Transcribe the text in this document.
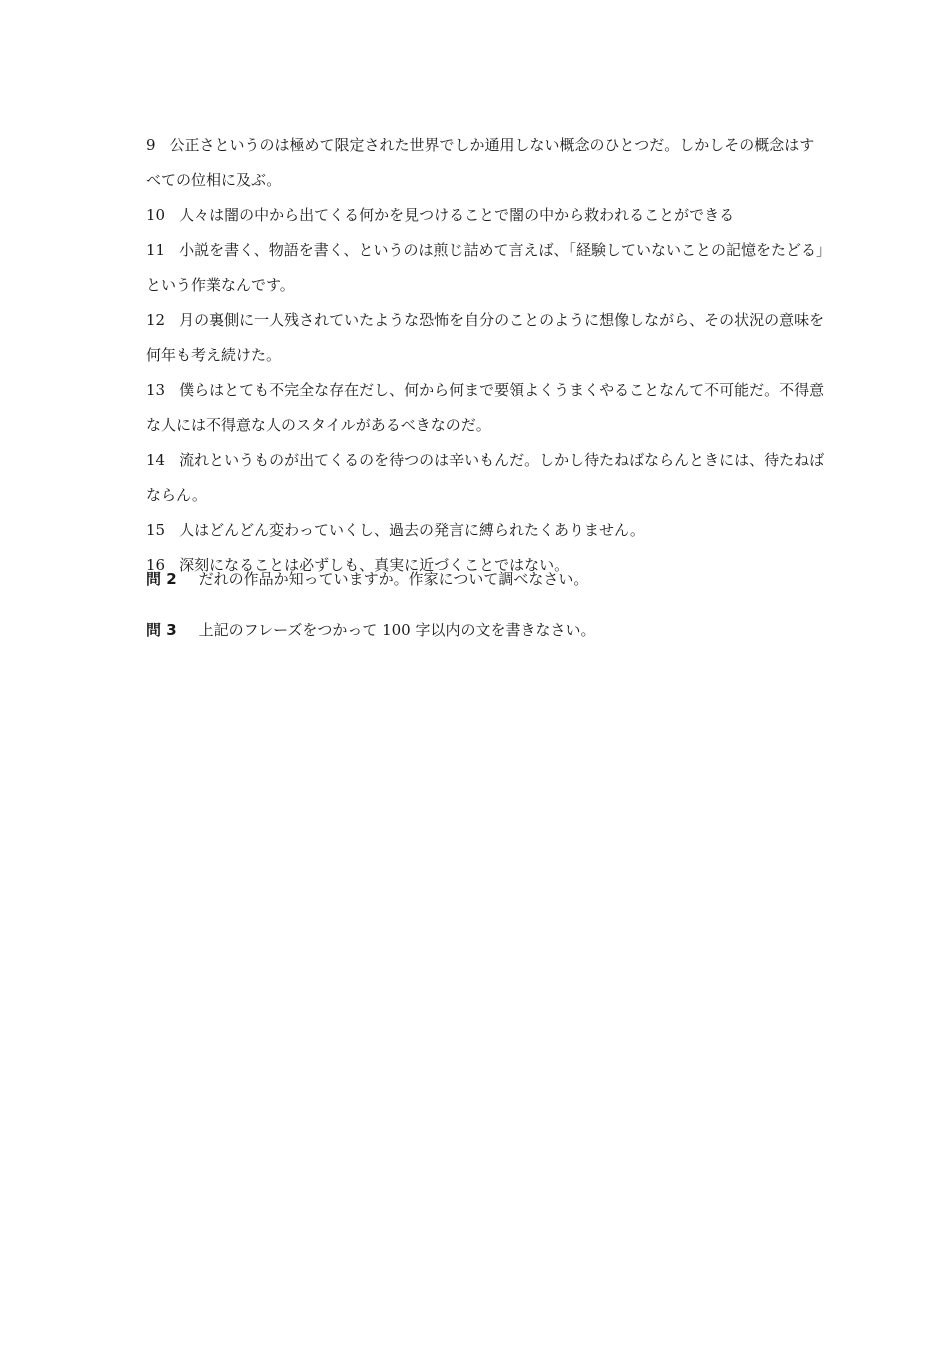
9 公正さというのは極めて限定された世界でしか通用しない概念のひとつだ。しかしその概念はすべての位相に及ぶ。
10 人々は闇の中から出てくる何かを見つけることで闇の中から救われることができる
11 小説を書く、物語を書く、というのは煎じ詰めて言えば、「経験していないことの記憶をたどる」という作業なんです。
12 月の裏側に一人残されていたような恐怖を自分のことのように想像しながら、その状況の意味を何年も考え続けた。
13 僕らはとても不完全な存在だし、何から何まで要領よくうまくやることなんて不可能だ。不得意な人には不得意な人のスタイルがあるべきなのだ。
14 流れというものが出てくるのを待つのは辛いもんだ。しかし待たねばならんときには、待たねばならん。
15 人はどんどん変わっていくし、過去の発言に縛られたくありません。
16 深刻になることは必ずしも、真実に近づくことではない。
問 2 だれの作品か知っていますか。作家について調べなさい。
問 3 上記のフレーズをつかって 100 字以内の文を書きなさい。
